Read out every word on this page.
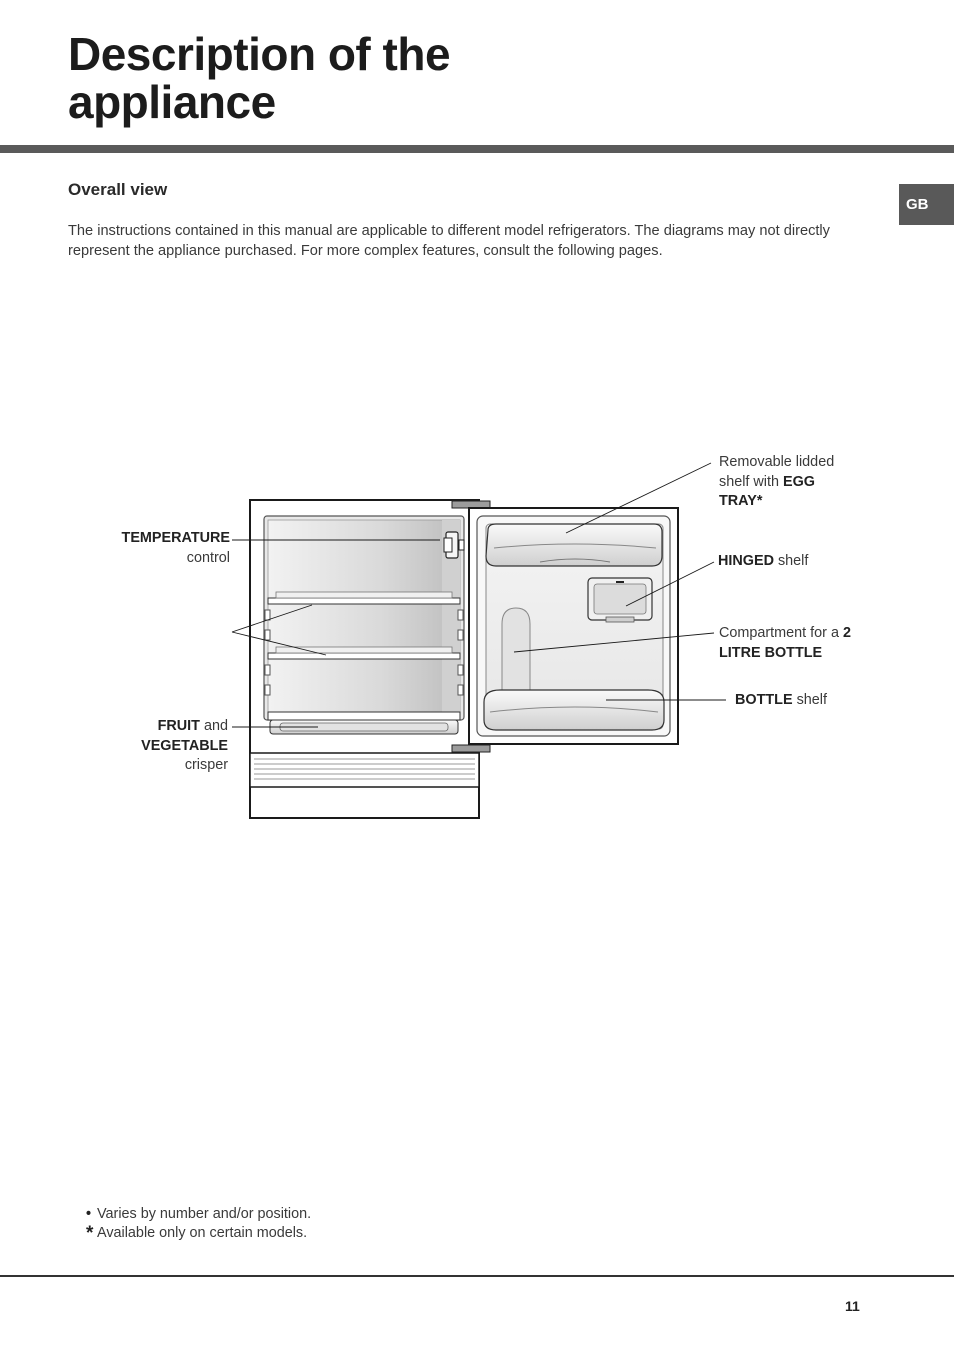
Description of the
appliance
GB
Overall view

The instructions contained in this manual are applicable to different model refrigerators. The diagrams may not directly represent the appliance purchased. For more complex features, consult the following pages.

TEMPERATURE
control
FRUIT and
VEGETABLE
crisper
Removable lidded shelf with EGG TRAY*
HINGED shelf
Compartment for a 2
LITRE BOTTLE
BOTTLE shelf
• Varies by number and/or position.
* Available only on certain models.
11
